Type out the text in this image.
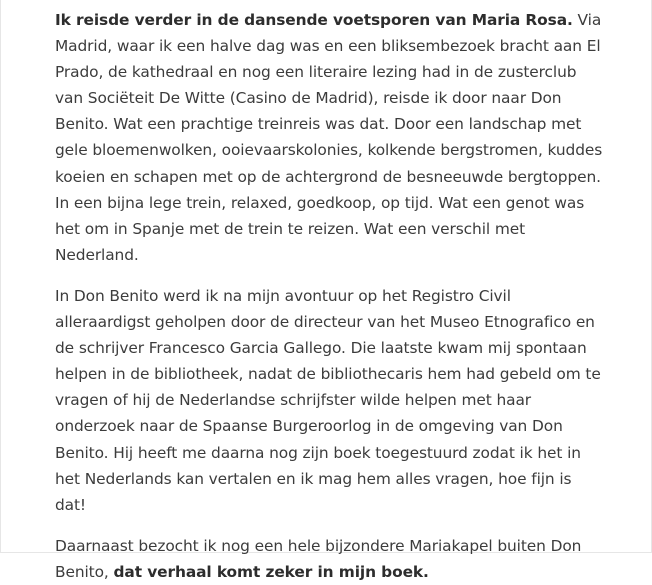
Ik reisde verder in de dansende voetsporen van Maria Rosa. Via Madrid, waar ik een halve dag was en een bliksembezoek bracht aan El Prado, de kathedraal en nog een literaire lezing had in de zusterclub van Sociëteit De Witte (Casino de Madrid), reisde ik door naar Don Benito. Wat een prachtige treinreis was dat. Door een landschap met gele bloemenwolken, ooievaarskolonies, kolkende bergstromen, kuddes koeien en schapen met op de achtergrond de besneeuwde bergtoppen. In een bijna lege trein, relaxed, goedkoop, op tijd. Wat een genot was het om in Spanje met de trein te reizen. Wat een verschil met Nederland.

In Don Benito werd ik na mijn avontuur op het Registro Civil alleraardigst geholpen door de directeur van het Museo Etnografico en de schrijver Francesco Garcia Gallego. Die laatste kwam mij spontaan helpen in de bibliotheek, nadat de bibliothecaris hem had gebeld om te vragen of hij de Nederlandse schrijfster wilde helpen met haar onderzoek naar de Spaanse Burgeroorlog in de omgeving van Don Benito. Hij heeft me daarna nog zijn boek toegestuurd zodat ik het in het Nederlands kan vertalen en ik mag hem alles vragen, hoe fijn is dat!

Daarnaast bezocht ik nog een hele bijzondere Mariakapel buiten Don Benito, dat verhaal komt zeker in mijn boek.
